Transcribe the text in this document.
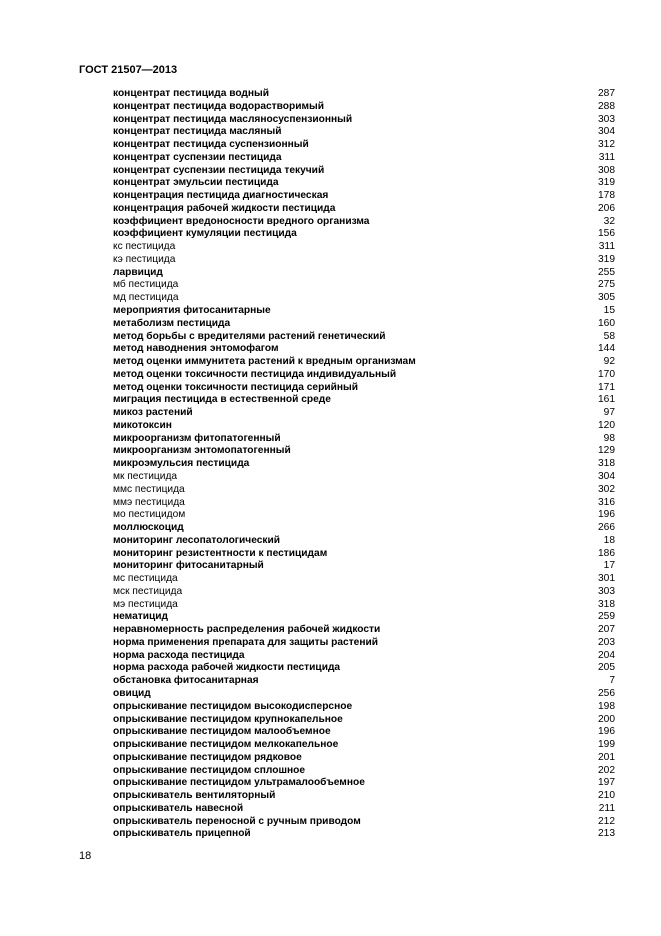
ГОСТ 21507—2013
концентрат пестицида водный	287
концентрат пестицида водорастворимый	288
концентрат пестицида масляносуспензионный	303
концентрат пестицида масляный	304
концентрат пестицида суспензионный	312
концентрат суспензии пестицида	311
концентрат суспензии пестицида текучий	308
концентрат эмульсии пестицида	319
концентрация пестицида диагностическая	178
концентрация рабочей жидкости пестицида	206
коэффициент вредоносности вредного организма	32
коэффициент кумуляции пестицида	156
кс пестицида	311
кэ пестицида	319
ларвицид	255
мб пестицида	275
мд пестицида	305
мероприятия фитосанитарные	15
метаболизм пестицида	160
метод борьбы с вредителями растений генетический	58
метод наводнения энтомофагом	144
метод оценки иммунитета растений к вредным организмам	92
метод оценки токсичности пестицида индивидуальный	170
метод оценки токсичности пестицида серийный	171
миграция пестицида в естественной среде	161
микоз растений	97
микотоксин	120
микроорганизм фитопатогенный	98
микроорганизм энтомопатогенный	129
микроэмульсия пестицида	318
мк пестицида	304
ммс пестицида	302
ммэ пестицида	316
мо пестицидом	196
моллюскоцид	266
мониторинг лесопатологический	18
мониторинг резистентности к пестицидам	186
мониторинг фитосанитарный	17
мс пестицида	301
мск пестицида	303
мэ пестицида	318
нематицид	259
неравномерность распределения рабочей жидкости	207
норма применения препарата для защиты растений	203
норма расхода пестицида	204
норма расхода рабочей жидкости пестицида	205
обстановка фитосанитарная	7
овицид	256
опрыскивание пестицидом высокодисперсное	198
опрыскивание пестицидом крупнокапельное	200
опрыскивание пестицидом малообъемное	196
опрыскивание пестицидом мелкокапельное	199
опрыскивание пестицидом рядковое	201
опрыскивание пестицидом сплошное	202
опрыскивание пестицидом ультрамалообъемное	197
опрыскиватель вентиляторный	210
опрыскиватель навесной	211
опрыскиватель переносной с ручным приводом	212
опрыскиватель прицепной	213
18
